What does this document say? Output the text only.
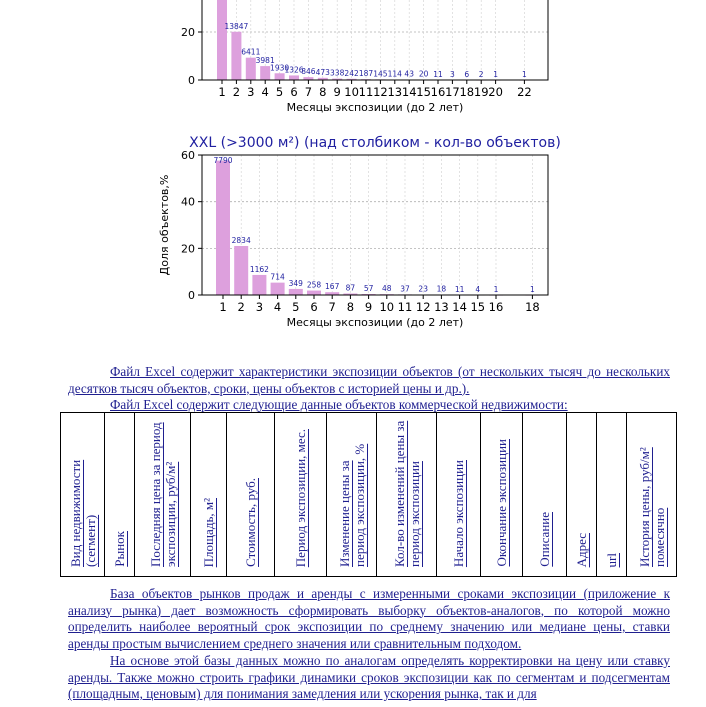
13847
6411
3981
1930
1326
846 473 338 242 187 145 114 43 20 11 3 6 2 1	1
1 2 3 4 5 6 7 8 9 10 11 12 13 14 15 16 17 18 19 20 22
0
20
Месяцы экспозиции (до 2 лет)
XXL (>3000 м²) (над столбиком - кол-во объектов)
7790
2834
1162
714
349 258 167 87 57 48 37 23 18 11 4 1	1
1 2 3 4 5 6 7 8 9 10 11 12 13 14 15 16 18
0
20
40
60
Месяцы экспозиции (до 2 лет)
Доля объектов,%
Файл Excel содержит характеристики экспозиции объектов (от нескольких тысяч до нескольких десятков тысяч объектов, сроки, цены объектов с историей цены и др.).
Файл Excel содержит следующие данные объектов коммерческой недвижимости:
Вид недвижимости (сегмент)	Рынок	Последняя цена за период экспозиции, руб/м²	Площадь, м²	Стоимость, руб.	Период экспозиции, мес.	Изменение цены за период экспозиции, %	Кол-во изменений цены за период экспозиции	Начало экспозиции	Окончание экспозиции	Описание	Адрес	url	История цены, руб/м² помесячно
База объектов рынков продаж и аренды с измеренными сроками экспозиции (приложение к анализу рынка) дает возможность сформировать выборку объектов-аналогов, по которой можно определить наиболее вероятный срок экспозиции по среднему значению или медиане цены, ставки аренды простым вычислением среднего значения или сравнительным подходом.
На основе этой базы данных можно по аналогам определять корректировки на цену или ставку аренды. Также можно строить графики динамики сроков экспозиции как по сегментам и подсегментам (площадным, ценовым) для понимания замедления или ускорения рынка, так и для
